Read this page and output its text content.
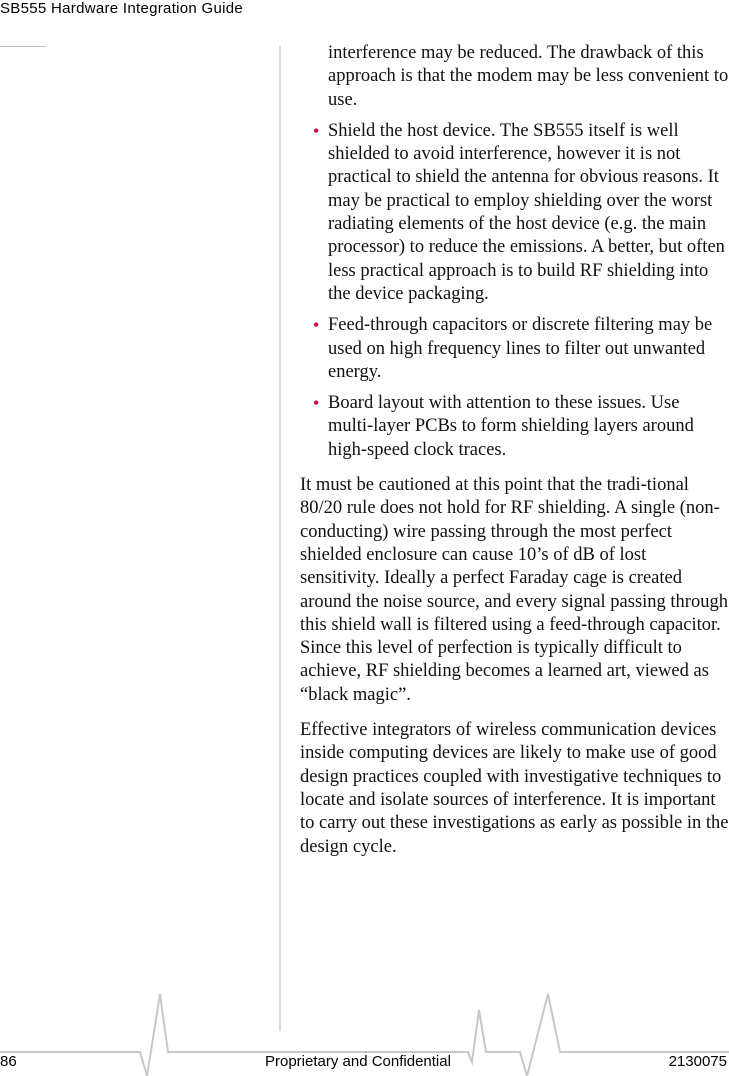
SB555 Hardware Integration Guide

interference may be reduced. The drawback of this approach is that the modem may be less convenient to use.

• Shield the host device. The SB555 itself is well shielded to avoid interference, however it is not practical to shield the antenna for obvious reasons. It may be practical to employ shielding over the worst radiating elements of the host device (e.g. the main processor) to reduce the emissions. A better, but often less practical approach is to build RF shielding into the device packaging.
• Feed-through capacitors or discrete filtering may be used on high frequency lines to filter out unwanted energy.
• Board layout with attention to these issues. Use multi-layer PCBs to form shielding layers around high-speed clock traces.

It must be cautioned at this point that the tradi-tional 80/20 rule does not hold for RF shielding. A single (non-conducting) wire passing through the most perfect shielded enclosure can cause 10’s of dB of lost sensitivity. Ideally a perfect Faraday cage is created around the noise source, and every signal passing through this shield wall is filtered using a feed-through capacitor. Since this level of perfection is typically difficult to achieve, RF shielding becomes a learned art, viewed as “black magic”.

Effective integrators of wireless communication devices inside computing devices are likely to make use of good design practices coupled with investigative techniques to locate and isolate sources of interference. It is important to carry out these investigations as early as possible in the design cycle.

86	Proprietary and Confidential	2130075
